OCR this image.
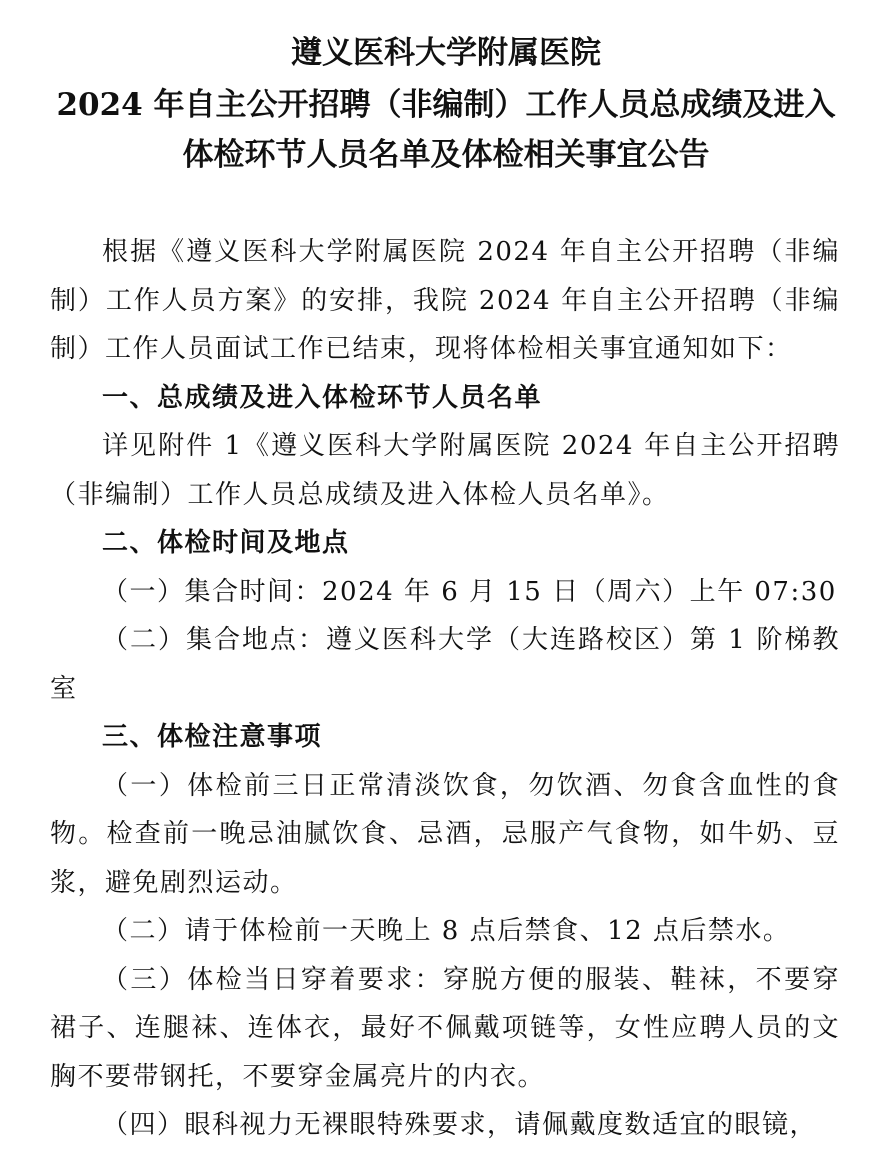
遵义医科大学附属医院
2024 年自主公开招聘（非编制）工作人员总成绩及进入
体检环节人员名单及体检相关事宜公告

根据《遵义医科大学附属医院 2024 年自主公开招聘（非编制）工作人员方案》的安排，我院 2024 年自主公开招聘（非编制）工作人员面试工作已结束，现将体检相关事宜通知如下：

一、总成绩及进入体检环节人员名单

详见附件 1《遵义医科大学附属医院 2024 年自主公开招聘（非编制）工作人员总成绩及进入体检人员名单》。

二、体检时间及地点

（一）集合时间：2024 年 6 月 15 日（周六）上午 07:30

（二）集合地点：遵义医科大学（大连路校区）第 1 阶梯教室

三、体检注意事项

（一）体检前三日正常清淡饮食，勿饮酒、勿食含血性的食物。检查前一晚忌油腻饮食、忌酒，忌服产气食物，如牛奶、豆浆，避免剧烈运动。

（二）请于体检前一天晚上 8 点后禁食、12 点后禁水。

（三）体检当日穿着要求：穿脱方便的服装、鞋袜，不要穿裙子、连腿袜、连体衣，最好不佩戴项链等，女性应聘人员的文胸不要带钢托，不要穿金属亮片的内衣。

（四）眼科视力无裸眼特殊要求，请佩戴度数适宜的眼镜，
